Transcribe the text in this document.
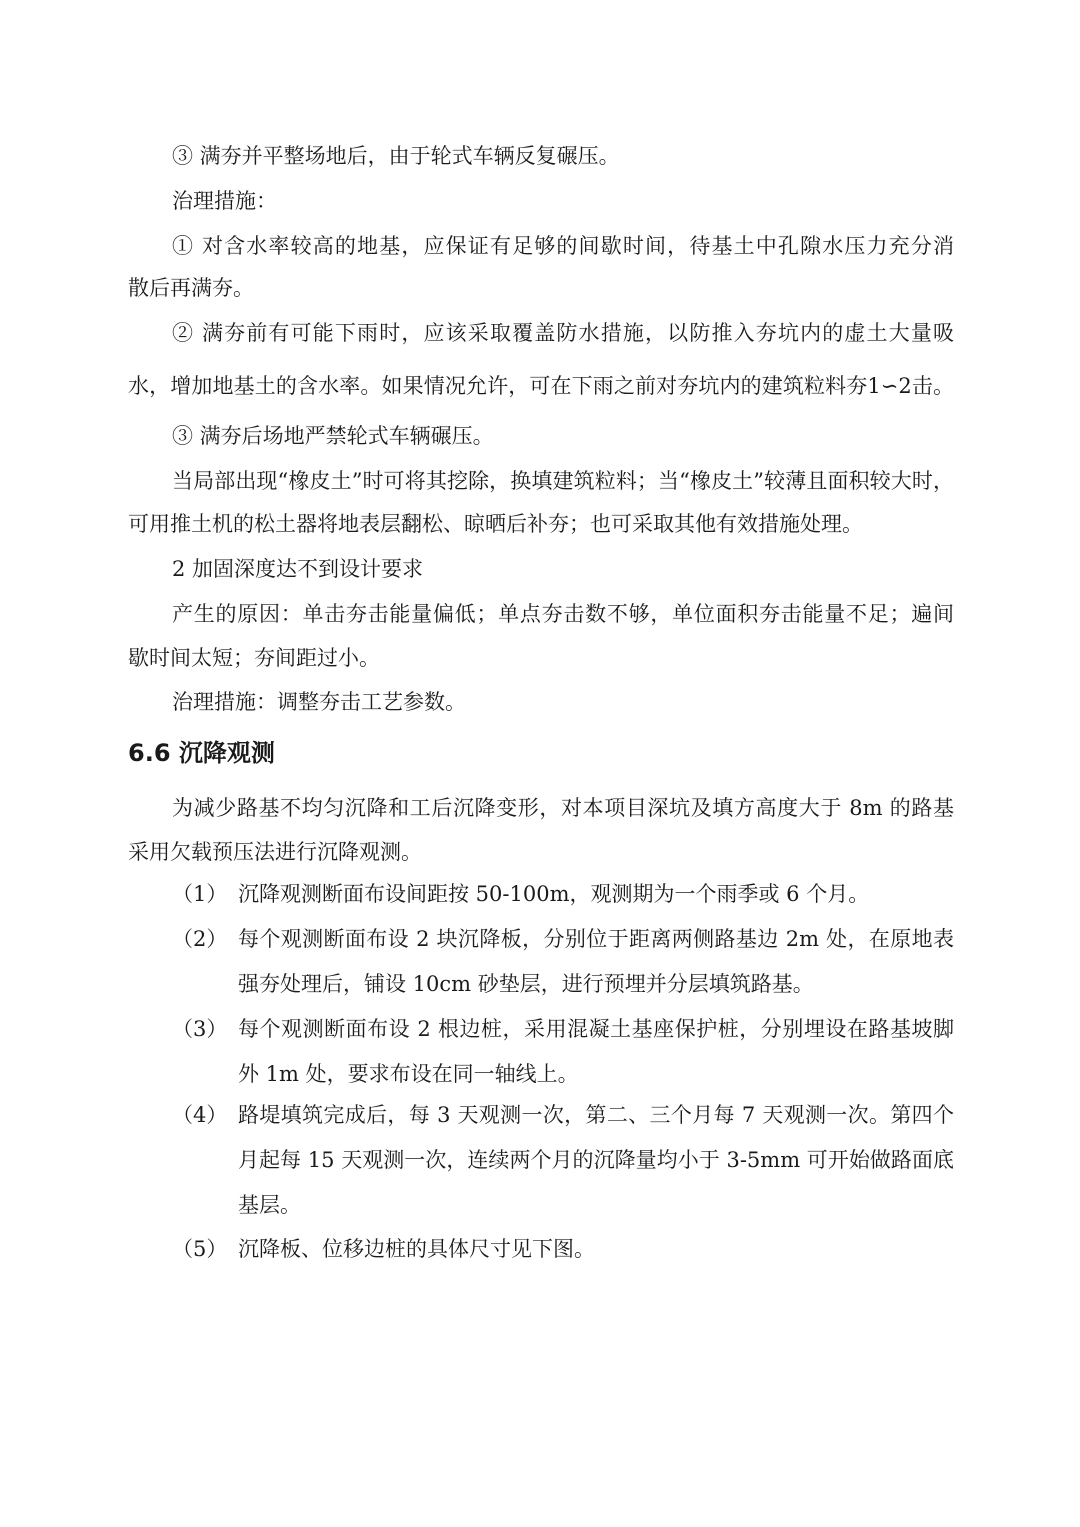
③ 满夯并平整场地后，由于轮式车辆反复碾压。
治理措施：
① 对含水率较高的地基，应保证有足够的间歇时间，待基土中孔隙水压力充分消
散后再满夯。
② 满夯前有可能下雨时，应该采取覆盖防水措施，以防推入夯坑内的虚土大量吸
水，增加地基土的含水率。如果情况允许，可在下雨之前对夯坑内的建筑粒料夯1∽2击。
③ 满夯后场地严禁轮式车辆碾压。
当局部出现“橡皮土”时可将其挖除，换填建筑粒料；当“橡皮土”较薄且面积较大时，
可用推土机的松土器将地表层翻松、晾晒后补夯；也可采取其他有效措施处理。
2 加固深度达不到设计要求
产生的原因：单击夯击能量偏低；单点夯击数不够，单位面积夯击能量不足；遍间
歇时间太短；夯间距过小。
治理措施：调整夯击工艺参数。
6.6 沉降观测
为减少路基不均匀沉降和工后沉降变形，对本项目深坑及填方高度大于 8m 的路基
采用欠载预压法进行沉降观测。
（1） 沉降观测断面布设间距按 50-100m，观测期为一个雨季或 6 个月。
（2） 每个观测断面布设 2 块沉降板，分别位于距离两侧路基边 2m 处，在原地表
强夯处理后，铺设 10cm 砂垫层，进行预埋并分层填筑路基。
（3） 每个观测断面布设 2 根边桩，采用混凝土基座保护桩，分别埋设在路基坡脚
外 1m 处，要求布设在同一轴线上。
（4） 路堤填筑完成后，每 3 天观测一次，第二、三个月每 7 天观测一次。第四个
月起每 15 天观测一次，连续两个月的沉降量均小于 3-5mm 可开始做路面底
基层。
（5） 沉降板、位移边桩的具体尺寸见下图。
